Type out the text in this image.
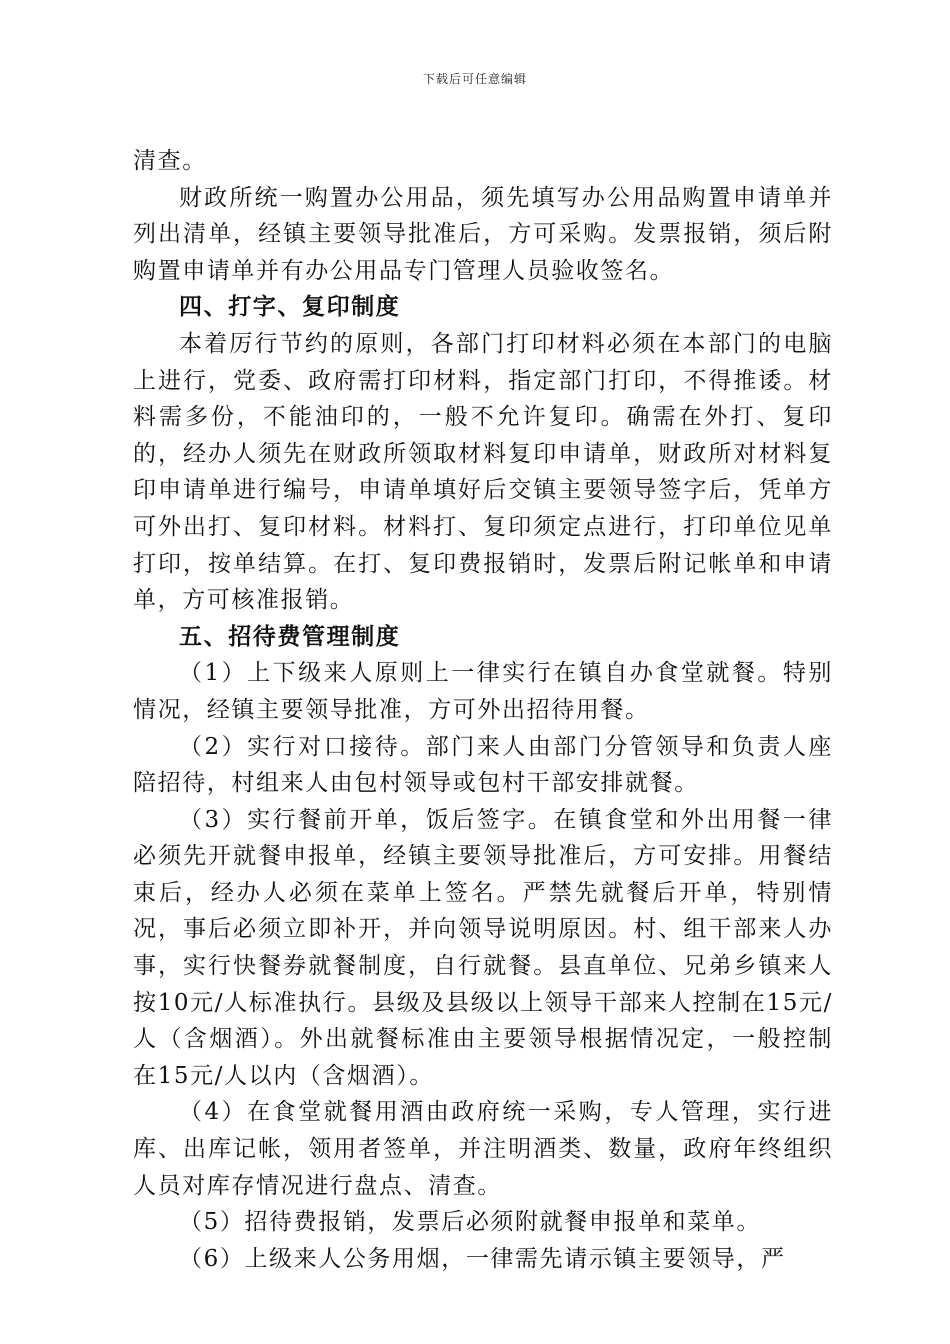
下载后可任意编辑

清查。

财政所统一购置办公用品，须先填写办公用品购置申请单并列出清单，经镇主要领导批准后，方可采购。发票报销，须后附购置申请单并有办公用品专门管理人员验收签名。

四、打字、复印制度

本着厉行节约的原则，各部门打印材料必须在本部门的电脑上进行，党委、政府需打印材料，指定部门打印，不得推诿。材料需多份，不能油印的，一般不允许复印。确需在外打、复印的，经办人须先在财政所领取材料复印申请单，财政所对材料复印申请单进行编号，申请单填好后交镇主要领导签字后，凭单方可外出打、复印材料。材料打、复印须定点进行，打印单位见单打印，按单结算。在打、复印费报销时，发票后附记帐单和申请单，方可核准报销。

五、招待费管理制度

（1）上下级来人原则上一律实行在镇自办食堂就餐。特别情况，经镇主要领导批准，方可外出招待用餐。

（2）实行对口接待。部门来人由部门分管领导和负责人座陪招待，村组来人由包村领导或包村干部安排就餐。

（3）实行餐前开单，饭后签字。在镇食堂和外出用餐一律必须先开就餐申报单，经镇主要领导批准后，方可安排。用餐结束后，经办人必须在菜单上签名。严禁先就餐后开单，特别情况，事后必须立即补开，并向领导说明原因。村、组干部来人办事，实行快餐券就餐制度，自行就餐。县直单位、兄弟乡镇来人按10元/人标准执行。县级及县级以上领导干部来人控制在15元/人（含烟酒）。外出就餐标准由主要领导根据情况定，一般控制在15元/人以内（含烟酒）。

（4）在食堂就餐用酒由政府统一采购，专人管理，实行进库、出库记帐，领用者签单，并注明酒类、数量，政府年终组织人员对库存情况进行盘点、清查。

（5）招待费报销，发票后必须附就餐申报单和菜单。

（6）上级来人公务用烟，一律需先请示镇主要领导，严
